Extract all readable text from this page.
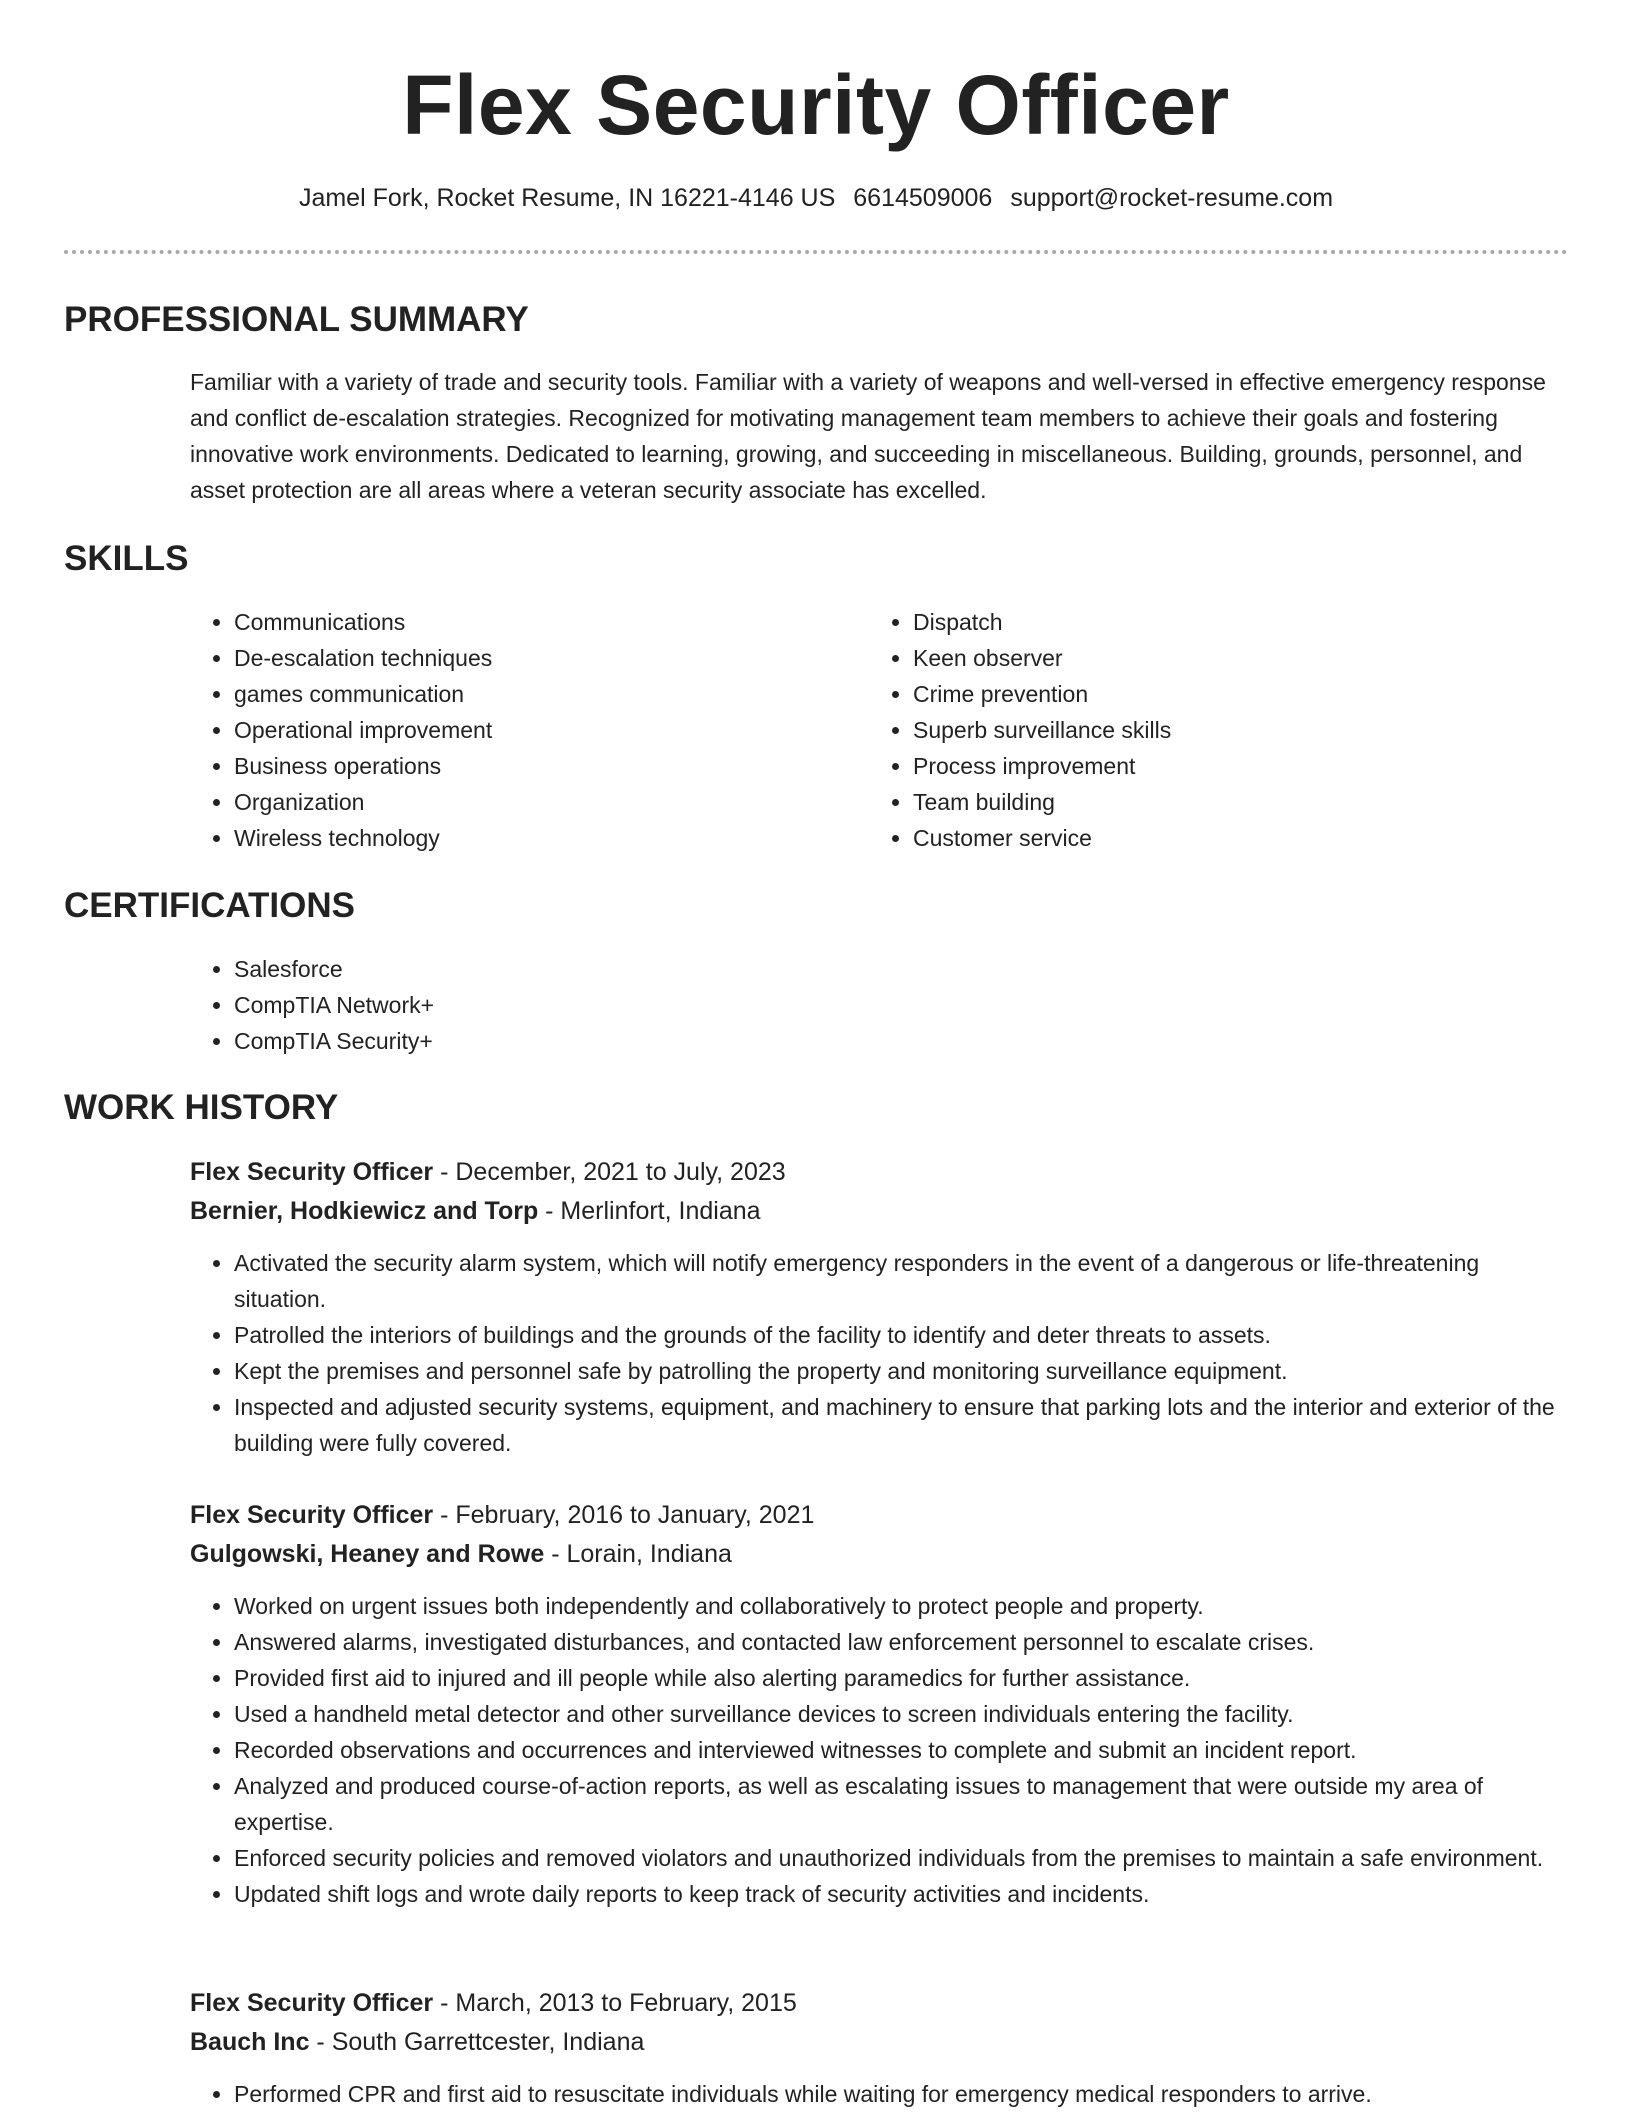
Flex Security Officer
Jamel Fork, Rocket Resume, IN 16221-4146 US 6614509006 support@rocket-resume.com
PROFESSIONAL SUMMARY
Familiar with a variety of trade and security tools. Familiar with a variety of weapons and well-versed in effective emergency response and conflict de-escalation strategies. Recognized for motivating management team members to achieve their goals and fostering innovative work environments. Dedicated to learning, growing, and succeeding in miscellaneous. Building, grounds, personnel, and asset protection are all areas where a veteran security associate has excelled.
SKILLS
• Communications
• De-escalation techniques
• games communication
• Operational improvement
• Business operations
• Organization
• Wireless technology
• Dispatch
• Keen observer
• Crime prevention
• Superb surveillance skills
• Process improvement
• Team building
• Customer service
CERTIFICATIONS
• Salesforce
• CompTIA Network+
• CompTIA Security+
WORK HISTORY
Flex Security Officer - December, 2021 to July, 2023
Bernier, Hodkiewicz and Torp - Merlinfort, Indiana
• Activated the security alarm system, which will notify emergency responders in the event of a dangerous or life-threatening situation.
• Patrolled the interiors of buildings and the grounds of the facility to identify and deter threats to assets.
• Kept the premises and personnel safe by patrolling the property and monitoring surveillance equipment.
• Inspected and adjusted security systems, equipment, and machinery to ensure that parking lots and the interior and exterior of the building were fully covered.
Flex Security Officer - February, 2016 to January, 2021
Gulgowski, Heaney and Rowe - Lorain, Indiana
• Worked on urgent issues both independently and collaboratively to protect people and property.
• Answered alarms, investigated disturbances, and contacted law enforcement personnel to escalate crises.
• Provided first aid to injured and ill people while also alerting paramedics for further assistance.
• Used a handheld metal detector and other surveillance devices to screen individuals entering the facility.
• Recorded observations and occurrences and interviewed witnesses to complete and submit an incident report.
• Analyzed and produced course-of-action reports, as well as escalating issues to management that were outside my area of expertise.
• Enforced security policies and removed violators and unauthorized individuals from the premises to maintain a safe environment.
• Updated shift logs and wrote daily reports to keep track of security activities and incidents.
Flex Security Officer - March, 2013 to February, 2015
Bauch Inc - South Garrettcester, Indiana
• Performed CPR and first aid to resuscitate individuals while waiting for emergency medical responders to arrive.
